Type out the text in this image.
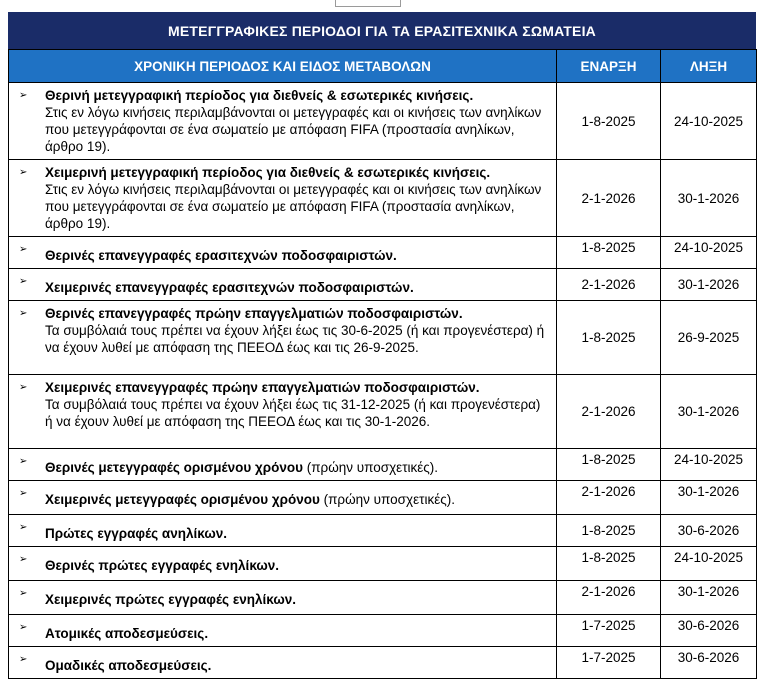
ΜΕΤΕΓΓΡΑΦΙΚΕΣ ΠΕΡΙΟΔΟΙ ΓΙΑ ΤΑ ΕΡΑΣΙΤΕΧΝΙΚΑ ΣΩΜΑΤΕΙΑ
ΧΡΟΝΙΚΗ ΠΕΡΙΟΔΟΣ ΚΑΙ ΕΙΔΟΣ ΜΕΤΑΒΟΛΩΝ	ΕΝΑΡΞΗ	ΛΗΞΗ

➢ Θερινή μετεγγραφική περίοδος για διεθνείς & εσωτερικές κινήσεις.
Στις εν λόγω κινήσεις περιλαμβάνονται οι μετεγγραφές και οι κινήσεις των ανηλίκων που μετεγγράφονται σε ένα σωματείο με απόφαση FIFA (προστασία ανηλίκων, άρθρο 19).	1-8-2025	24-10-2025

➢ Χειμερινή μετεγγραφική περίοδος για διεθνείς & εσωτερικές κινήσεις.
Στις εν λόγω κινήσεις περιλαμβάνονται οι μετεγγραφές και οι κινήσεις των ανηλίκων που μετεγγράφονται σε ένα σωματείο με απόφαση FIFA (προστασία ανηλίκων, άρθρο 19).	2-1-2026	30-1-2026

➢ Θερινές επανεγγραφές ερασιτεχνών ποδοσφαιριστών.	1-8-2025	24-10-2025

➢ Χειμερινές επανεγγραφές ερασιτεχνών ποδοσφαιριστών.	2-1-2026	30-1-2026

➢ Θερινές επανεγγραφές πρώην επαγγελματιών ποδοσφαιριστών.
Τα συμβόλαιά τους πρέπει να έχουν λήξει έως τις 30-6-2025 (ή και προγενέστερα) ή να έχουν λυθεί με απόφαση της ΠΕΕΟΔ έως και τις 26-9-2025.	1-8-2025	26-9-2025

➢ Χειμερινές επανεγγραφές πρώην επαγγελματιών ποδοσφαιριστών.
Τα συμβόλαιά τους πρέπει να έχουν λήξει έως τις 31-12-2025 (ή και προγενέστερα) ή να έχουν λυθεί με απόφαση της ΠΕΕΟΔ έως και τις 30-1-2026.	2-1-2026	30-1-2026

➢ Θερινές μετεγγραφές ορισμένου χρόνου (πρώην υποσχετικές).	1-8-2025	24-10-2025

➢ Χειμερινές μετεγγραφές ορισμένου χρόνου (πρώην υποσχετικές).	2-1-2026	30-1-2026

➢ Πρώτες εγγραφές ανηλίκων.	1-8-2025	30-6-2026

➢ Θερινές πρώτες εγγραφές ενηλίκων.	1-8-2025	24-10-2025

➢ Χειμερινές πρώτες εγγραφές ενηλίκων.	2-1-2026	30-1-2026

➢ Ατομικές αποδεσμεύσεις.	1-7-2025	30-6-2026

➢ Ομαδικές αποδεσμεύσεις.	1-7-2025	30-6-2026
